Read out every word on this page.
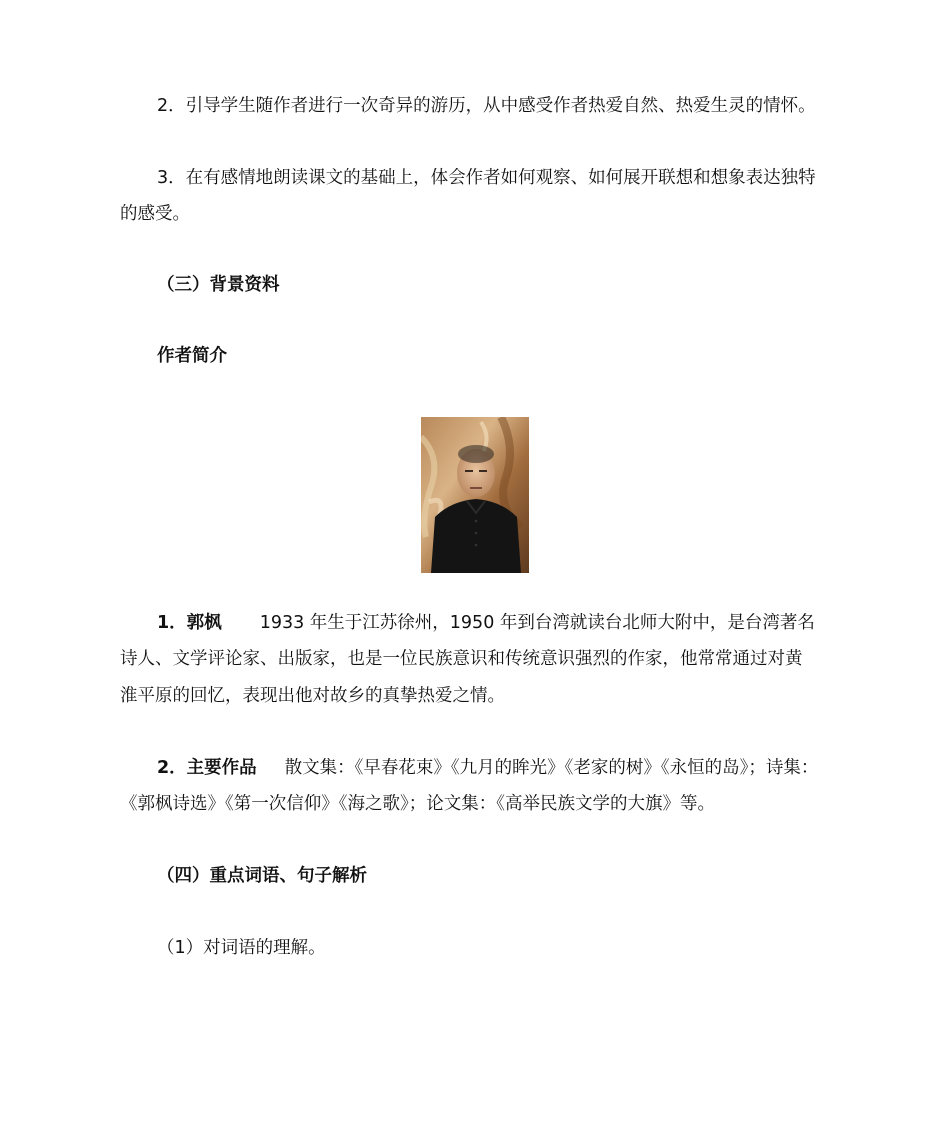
2．引导学生随作者进行一次奇异的游历，从中感受作者热爱自然、热爱生灵的情怀。
3．在有感情地朗读课文的基础上，体会作者如何观察、如何展开联想和想象表达独特
的感受。
（三）背景资料
作者简介
1．郭枫 1933 年生于江苏徐州，1950 年到台湾就读台北师大附中，是台湾著名
诗人、文学评论家、出版家，也是一位民族意识和传统意识强烈的作家，他常常通过对黄
淮平原的回忆，表现出他对故乡的真挚热爱之情。
2．主要作品 散文集：《早春花束》《九月的眸光》《老家的树》《永恒的岛》；诗集：
《郭枫诗选》《第一次信仰》《海之歌》；论文集：《高举民族文学的大旗》等。
（四）重点词语、句子解析
（1）对词语的理解。
